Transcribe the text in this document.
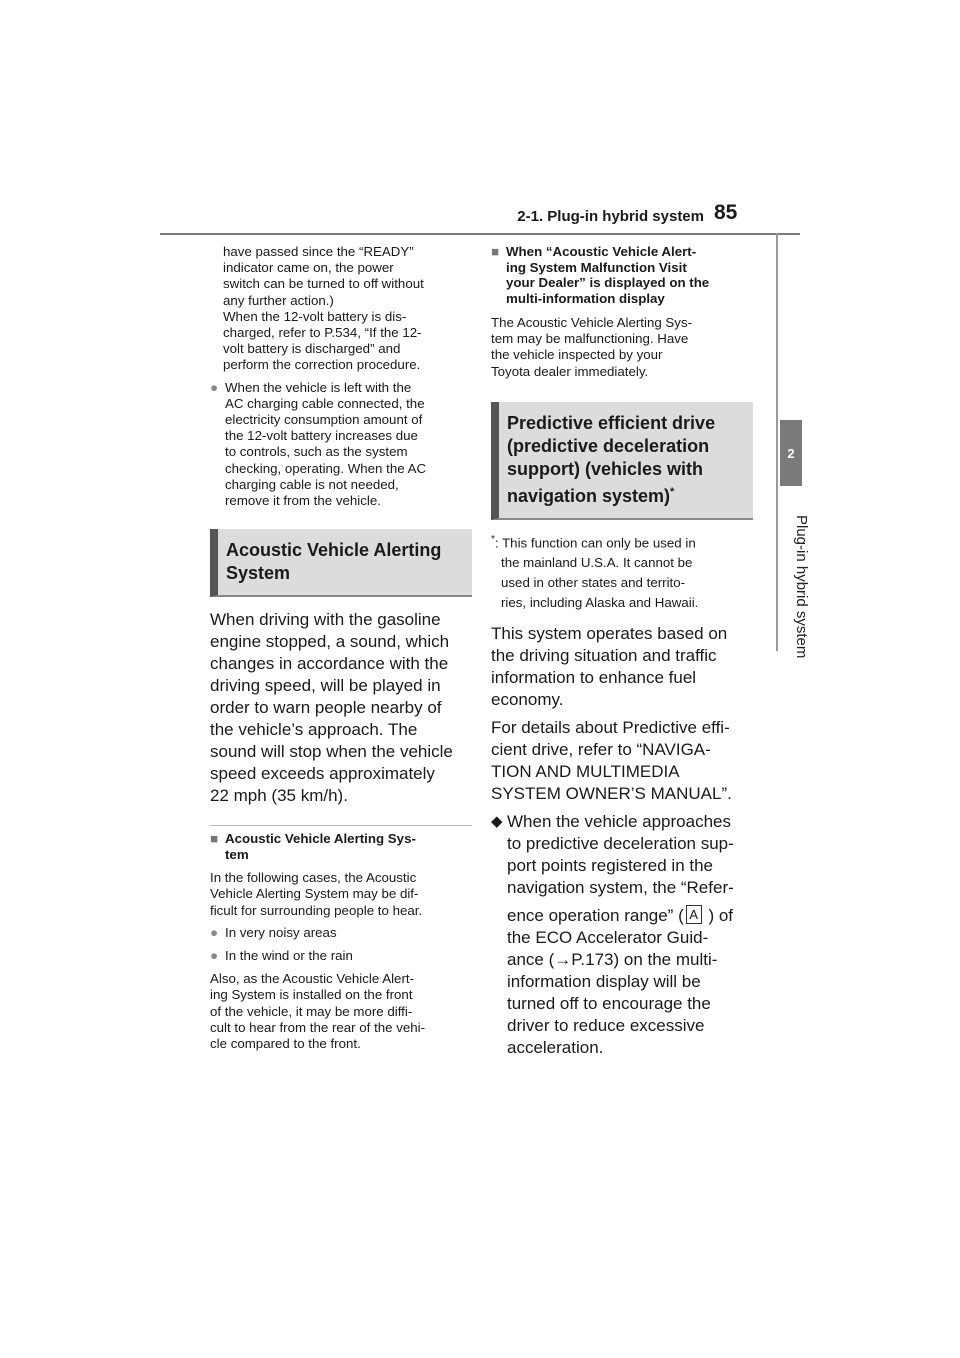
2-1. Plug-in hybrid system 85
2
Plug-in hybrid system
have passed since the “READY”
indicator came on, the power
switch can be turned to off without
any further action.)
When the 12-volt battery is dis-
charged, refer to P.534, “If the 12-
volt battery is discharged” and
perform the correction procedure.
● When the vehicle is left with the
AC charging cable connected, the
electricity consumption amount of
the 12-volt battery increases due
to controls, such as the system
checking, operating. When the AC
charging cable is not needed,
remove it from the vehicle.
Acoustic Vehicle Alerting
System
When driving with the gasoline
engine stopped, a sound, which
changes in accordance with the
driving speed, will be played in
order to warn people nearby of
the vehicle’s approach. The
sound will stop when the vehicle
speed exceeds approximately
22 mph (35 km/h).
■ Acoustic Vehicle Alerting Sys-
tem
In the following cases, the Acoustic
Vehicle Alerting System may be dif-
ficult for surrounding people to hear.
● In very noisy areas
● In the wind or the rain
Also, as the Acoustic Vehicle Alert-
ing System is installed on the front
of the vehicle, it may be more diffi-
cult to hear from the rear of the vehi-
cle compared to the front.
■ When “Acoustic Vehicle Alert-
ing System Malfunction Visit
your Dealer” is displayed on the
multi-information display
The Acoustic Vehicle Alerting Sys-
tem may be malfunctioning. Have
the vehicle inspected by your
Toyota dealer immediately.
Predictive efficient drive
(predictive deceleration
support) (vehicles with
navigation system)*
*: This function can only be used in
the mainland U.S.A. It cannot be
used in other states and territo-
ries, including Alaska and Hawaii.
This system operates based on
the driving situation and traffic
information to enhance fuel
economy.
For details about Predictive effi-
cient drive, refer to “NAVIGA-
TION AND MULTIMEDIA
SYSTEM OWNER’S MANUAL”.
◆ When the vehicle approaches
to predictive deceleration sup-
port points registered in the
navigation system, the “Refer-
ence operation range” ( A ) of
the ECO Accelerator Guid-
ance (→P.173) on the multi-
information display will be
turned off to encourage the
driver to reduce excessive
acceleration.
